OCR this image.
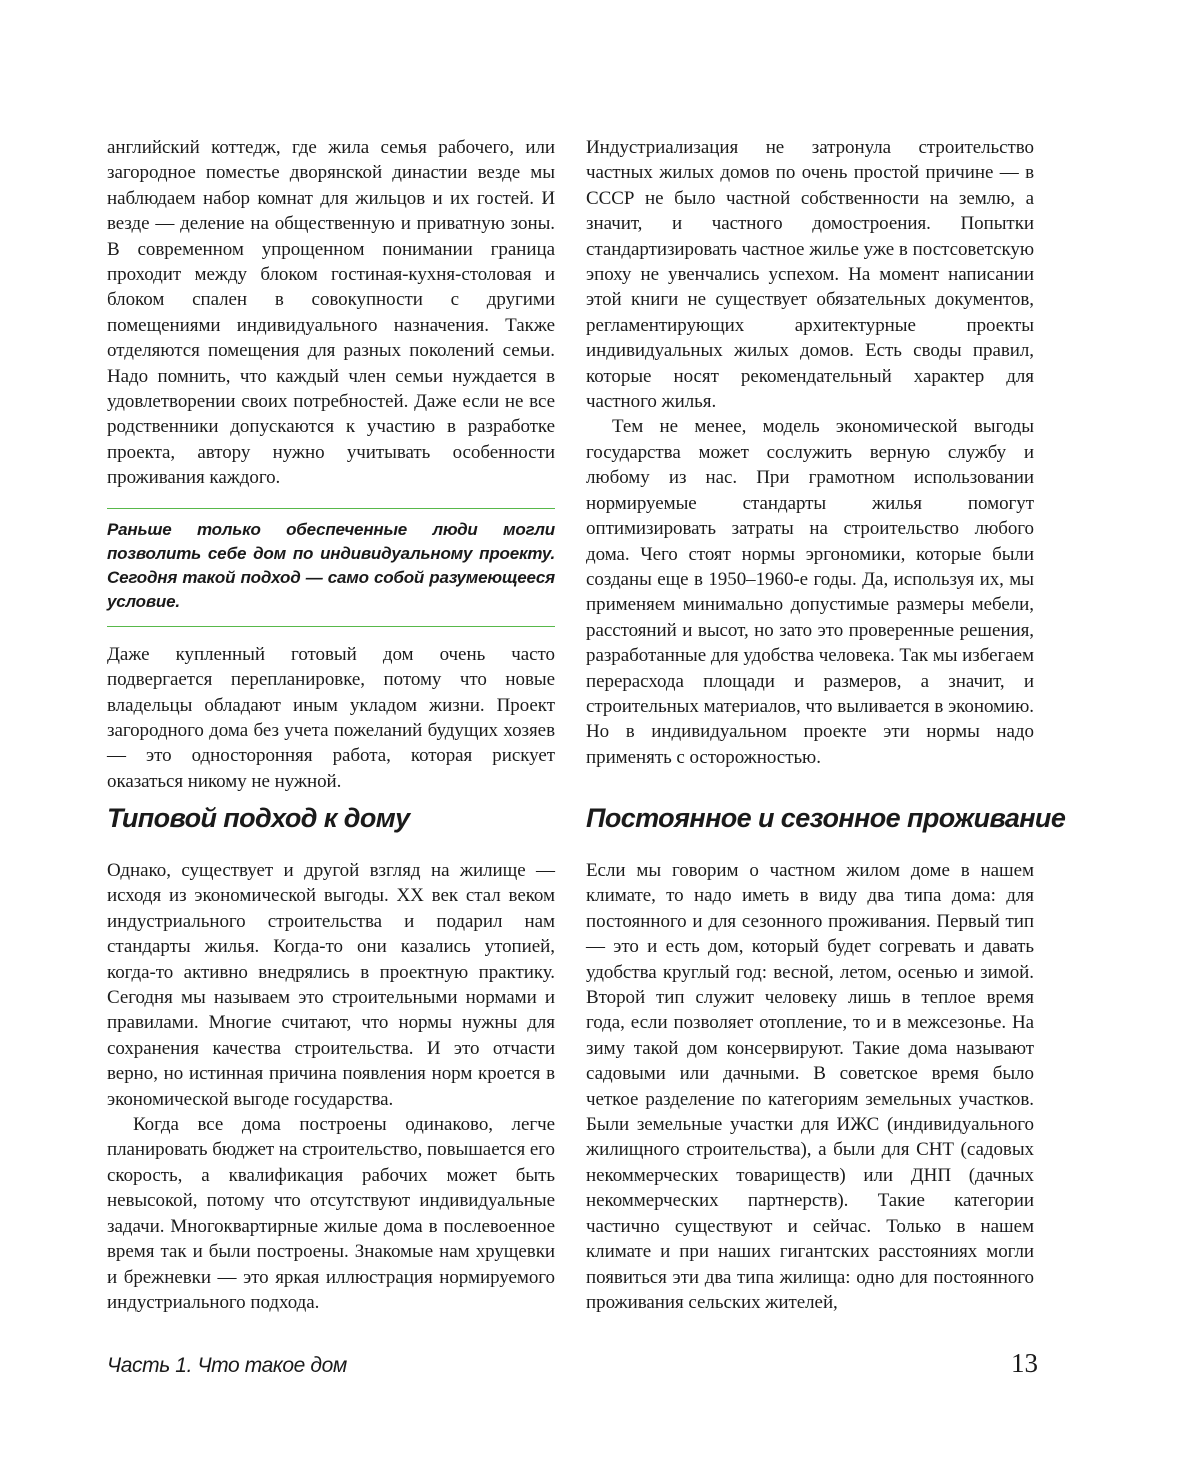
английский коттедж, где жила семья рабочего, или загородное поместье дворянской династии везде мы наблюдаем набор комнат для жильцов и их гостей. И везде — деление на общественную и приватную зоны. В современном упрощенном понимании граница проходит между блоком гостиная-кухня-столовая и блоком спален в совокупности с другими помещениями индивидуального назначения. Также отделяются помещения для разных поколений семьи. Надо помнить, что каждый член семьи нуждается в удовлетворении своих потребностей. Даже если не все родственники допускаются к участию в разработке проекта, автору нужно учитывать особенности проживания каждого.

Раньше только обеспеченные люди могли позволить себе дом по индивидуальному проекту. Сегодня такой подход — само собой разумеющееся условие.

Даже купленный готовый дом очень часто подвергается перепланировке, потому что новые владельцы обладают иным укладом жизни. Проект загородного дома без учета пожеланий будущих хозяев — это односторонняя работа, которая рискует оказаться никому не нужной.

Индустриализация не затронула строительство частных жилых домов по очень простой причине — в СССР не было частной собственности на землю, а значит, и частного домостроения. Попытки стандартизировать частное жилье уже в постсоветскую эпоху не увенчались успехом. На момент написании этой книги не существует обязательных документов, регламентирующих архитектурные проекты индивидуальных жилых домов. Есть своды правил, которые носят рекомендательный характер для частного жилья.

Тем не менее, модель экономической выгоды государства может сослужить верную службу и любому из нас. При грамотном использовании нормируемые стандарты жилья помогут оптимизировать затраты на строительство любого дома. Чего стоят нормы эргономики, которые были созданы еще в 1950–1960-е годы. Да, используя их, мы применяем минимально допустимые размеры мебели, расстояний и высот, но зато это проверенные решения, разработанные для удобства человека. Так мы избегаем перерасхода площади и размеров, а значит, и строительных материалов, что выливается в экономию. Но в индивидуальном проекте эти нормы надо применять с осторожностью.

Типовой подход к дому	Постоянное и сезонное проживание

Однако, существует и другой взгляд на жилище — исходя из экономической выгоды. XX век стал веком индустриального строительства и подарил нам стандарты жилья. Когда-то они казались утопией, когда-то активно внедрялись в проектную практику. Сегодня мы называем это строительными нормами и правилами. Многие считают, что нормы нужны для сохранения качества строительства. И это отчасти верно, но истинная причина появления норм кроется в экономической выгоде государства.

Когда все дома построены одинаково, легче планировать бюджет на строительство, повышается его скорость, а квалификация рабочих может быть невысокой, потому что отсутствуют индивидуальные задачи. Многоквартирные жилые дома в послевоенное время так и были построены. Знакомые нам хрущевки и брежневки — это яркая иллюстрация нормируемого индустриального подхода.

Если мы говорим о частном жилом доме в нашем климате, то надо иметь в виду два типа дома: для постоянного и для сезонного проживания. Первый тип — это и есть дом, который будет согревать и давать удобства круглый год: весной, летом, осенью и зимой. Второй тип служит человеку лишь в теплое время года, если позволяет отопление, то и в межсезонье. На зиму такой дом консервируют. Такие дома называют садовыми или дачными. В советское время было четкое разделение по категориям земельных участков. Были земельные участки для ИЖС (индивидуального жилищного строительства), а были для СНТ (садовых некоммерческих товариществ) или ДНП (дачных некоммерческих партнерств). Такие категории частично существуют и сейчас. Только в нашем климате и при наших гигантских расстояниях могли появиться эти два типа жилища: одно для постоянного проживания сельских жителей,

Часть 1. Что такое дом	13
